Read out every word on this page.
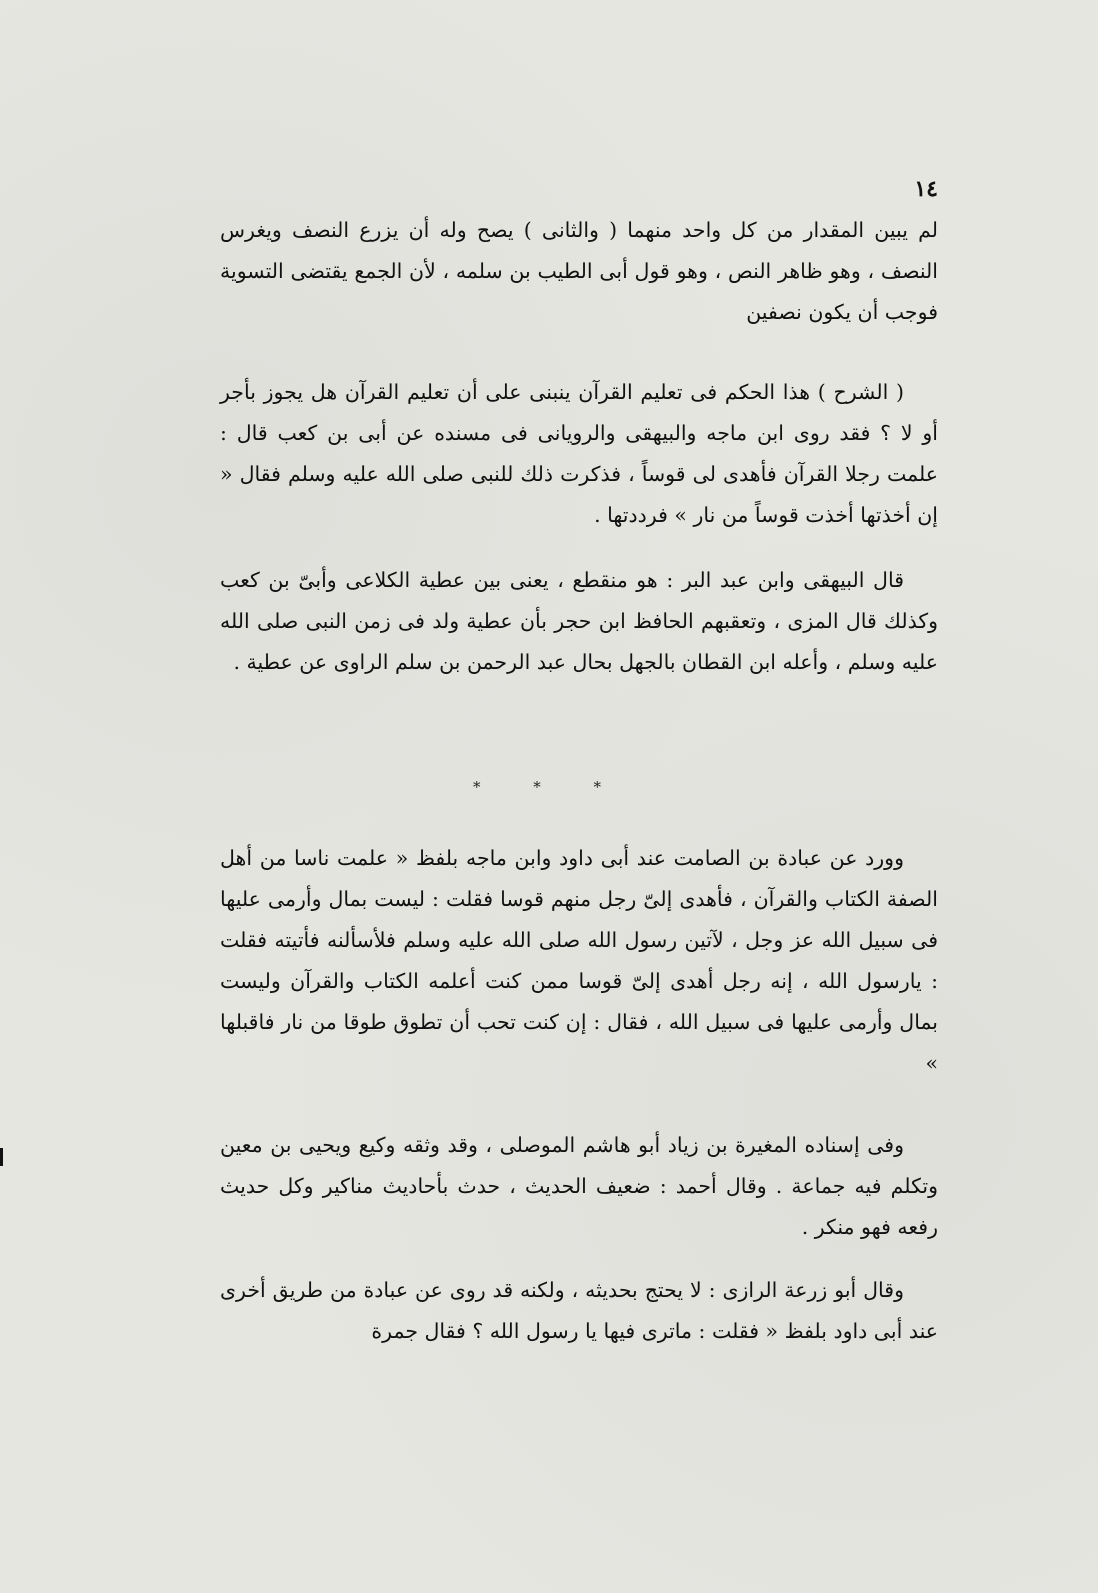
١٤

لم يبين المقدار من كل واحد منهما ( والثانى ) يصح وله أن يزرع النصف ويغرس النصف ، وهو ظاهر النص ، وهو قول أبى الطيب بن سلمه ، لأن الجمع يقتضى التسوية فوجب أن يكون نصفين

( الشرح ) هذا الحكم فى تعليم القرآن ينبنى على أن تعليم القرآن هل يجوز بأجر أو لا ؟ فقد روى ابن ماجه والبيهقى والرويانى فى مسنده عن أبى بن كعب قال : علمت رجلا القرآن فأهدى لى قوساً ، فذكرت ذلك للنبى صلى الله عليه وسلم فقال « إن أخذتها أخذت قوساً من نار » فرددتها .

قال البيهقى وابن عبد البر : هو منقطع ، يعنى بين عطية الكلاعى وأبىّ بن كعب وكذلك قال المزى ، وتعقبهم الحافظ ابن حجر بأن عطية ولد فى زمن النبى صلى الله عليه وسلم ، وأعله ابن القطان بالجهل بحال عبد الرحمن بن سلم الراوى عن عطية .

* * *

وورد عن عبادة بن الصامت عند أبى داود وابن ماجه بلفظ « علمت ناسا من أهل الصفة الكتاب والقرآن ، فأهدى إلىّ رجل منهم قوسا فقلت : ليست بمال وأرمى عليها فى سبيل الله عز وجل ، لآتين رسول الله صلى الله عليه وسلم فلأسألنه فأتيته فقلت : يارسول الله ، إنه رجل أهدى إلىّ قوسا ممن كنت أعلمه الكتاب والقرآن وليست بمال وأرمى عليها فى سبيل الله ، فقال : إن كنت تحب أن تطوق طوقا من نار فاقبلها »

وفى إسناده المغيرة بن زياد أبو هاشم الموصلى ، وقد وثقه وكيع ويحيى بن معين وتكلم فيه جماعة . وقال أحمد : ضعيف الحديث ، حدث بأحاديث مناكير وكل حديث رفعه فهو منكر .

وقال أبو زرعة الرازى : لا يحتج بحديثه ، ولكنه قد روى عن عبادة من طريق أخرى عند أبى داود بلفظ « فقلت : ماترى فيها يا رسول الله ؟ فقال جمرة
